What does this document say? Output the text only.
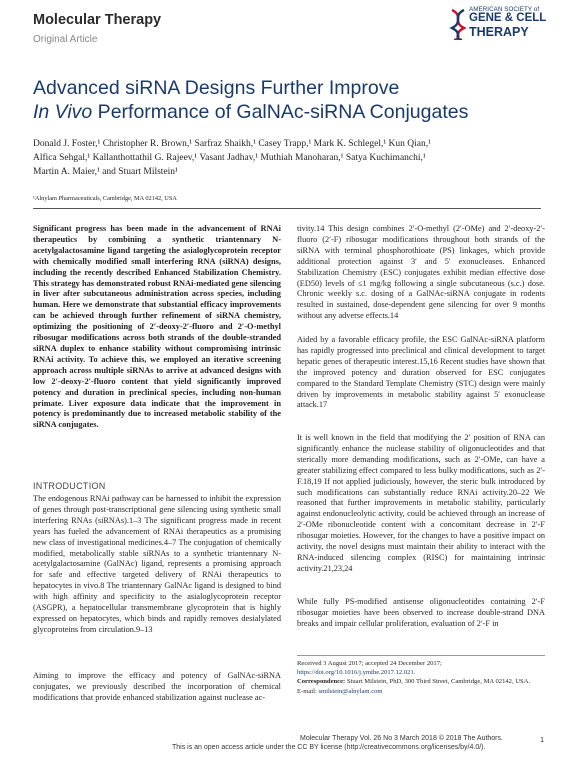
Molecular Therapy
Original Article
AMERICAN SOCIETY of
GENE & CELL
THERAPY
Advanced siRNA Designs Further Improve
In Vivo Performance of GalNAc-siRNA Conjugates
Donald J. Foster,¹ Christopher R. Brown,¹ Sarfraz Shaikh,¹ Casey Trapp,¹ Mark K. Schlegel,¹ Kun Qian,¹
Alfica Sehgal,¹ Kallanthottathil G. Rajeev,¹ Vasant Jadhav,¹ Muthiah Manoharan,¹ Satya Kuchimanchi,¹
Martin A. Maier,¹ and Stuart Milstein¹
¹Alnylam Pharmaceuticals, Cambridge, MA 02142, USA
Significant progress has been made in the advancement of RNAi therapeutics by combining a synthetic triantennary N-acetylgalactosamine ligand targeting the asialoglycoprotein receptor with chemically modified small interfering RNA (siRNA) designs, including the recently described Enhanced Stabilization Chemistry. This strategy has demonstrated robust RNAi-mediated gene silencing in liver after subcutaneous administration across species, including human. Here we demonstrate that substantial efficacy improvements can be achieved through further refinement of siRNA chemistry, optimizing the positioning of 2′-deoxy-2′-fluoro and 2′-O-methyl ribosugar modifications across both strands of the double-stranded siRNA duplex to enhance stability without compromising intrinsic RNAi activity. To achieve this, we employed an iterative screening approach across multiple siRNAs to arrive at advanced designs with low 2′-deoxy-2′-fluoro content that yield significantly improved potency and duration in preclinical species, including non-human primate. Liver exposure data indicate that the improvement in potency is predominantly due to increased metabolic stability of the siRNA conjugates.
INTRODUCTION
The endogenous RNAi pathway can be harnessed to inhibit the expression of genes through post-transcriptional gene silencing using synthetic small interfering RNAs (siRNAs).1–3 The significant progress made in recent years has fueled the advancement of RNAi therapeutics as a promising new class of investigational medicines.4–7 The conjugation of chemically modified, metabolically stable siRNAs to a synthetic triantennary N-acetylgalactosamine (GalNAc) ligand, represents a promising approach for safe and effective targeted delivery of RNAi therapeutics to hepatocytes in vivo.8 The triantennary GalNAc ligand is designed to bind with high affinity and specificity to the asialoglycoprotein receptor (ASGPR), a hepatocellular transmembrane glycoprotein that is highly expressed on hepatocytes, which binds and rapidly removes desialylated glycoproteins from circulation.9–13
Aiming to improve the efficacy and potency of GalNAc-siRNA conjugates, we previously described the incorporation of chemical modifications that provide enhanced stabilization against nuclease ac-
tivity.14 This design combines 2′-O-methyl (2′-OMe) and 2′-deoxy-2′-fluoro (2′-F) ribosugar modifications throughout both strands of the siRNA with terminal phosphorothioate (PS) linkages, which provide additional protection against 3′ and 5′ exonucleases. Enhanced Stabilization Chemistry (ESC) conjugates exhibit median effective dose (ED50) levels of ≤1 mg/kg following a single subcutaneous (s.c.) dose. Chronic weekly s.c. dosing of a GalNAc-siRNA conjugate in rodents resulted in sustained, dose-dependent gene silencing for over 9 months without any adverse effects.14
Aided by a favorable efficacy profile, the ESC GalNAc-siRNA platform has rapidly progressed into preclinical and clinical development to target hepatic genes of therapeutic interest.15,16 Recent studies have shown that the improved potency and duration observed for ESC conjugates compared to the Standard Template Chemistry (STC) design were mainly driven by improvements in metabolic stability against 5′ exonuclease attack.17
It is well known in the field that modifying the 2′ position of RNA can significantly enhance the nuclease stability of oligonucleotides and that sterically more demanding modifications, such as 2′-OMe, can have a greater stabilizing effect compared to less bulky modifications, such as 2′-F.18,19 If not applied judiciously, however, the steric bulk introduced by such modifications can substantially reduce RNAi activity.20–22 We reasoned that further improvements in metabolic stability, particularly against endonucleolytic activity, could be achieved through an increase of 2′-OMe ribonucleotide content with a concomitant decrease in 2′-F ribosugar moieties. However, for the changes to have a positive impact on activity, the novel designs must maintain their ability to interact with the RNA-induced silencing complex (RISC) for maintaining intrinsic activity.21,23,24
While fully PS-modified antisense oligonucleotides containing 2′-F ribosugar moieties have been observed to increase double-strand DNA breaks and impair cellular proliferation, evaluation of 2′-F in
Received 3 August 2017; accepted 24 December 2017;
https://doi.org/10.1016/j.ymthe.2017.12.021.
Correspondence: Stuart Milstein, PhD, 300 Third Street, Cambridge, MA 02142, USA.
E-mail: smilstein@alnylam.com
Molecular Therapy Vol. 26 No 3 March 2018 © 2018 The Authors.	1
This is an open access article under the CC BY license (http://creativecommons.org/licenses/by/4.0/).
